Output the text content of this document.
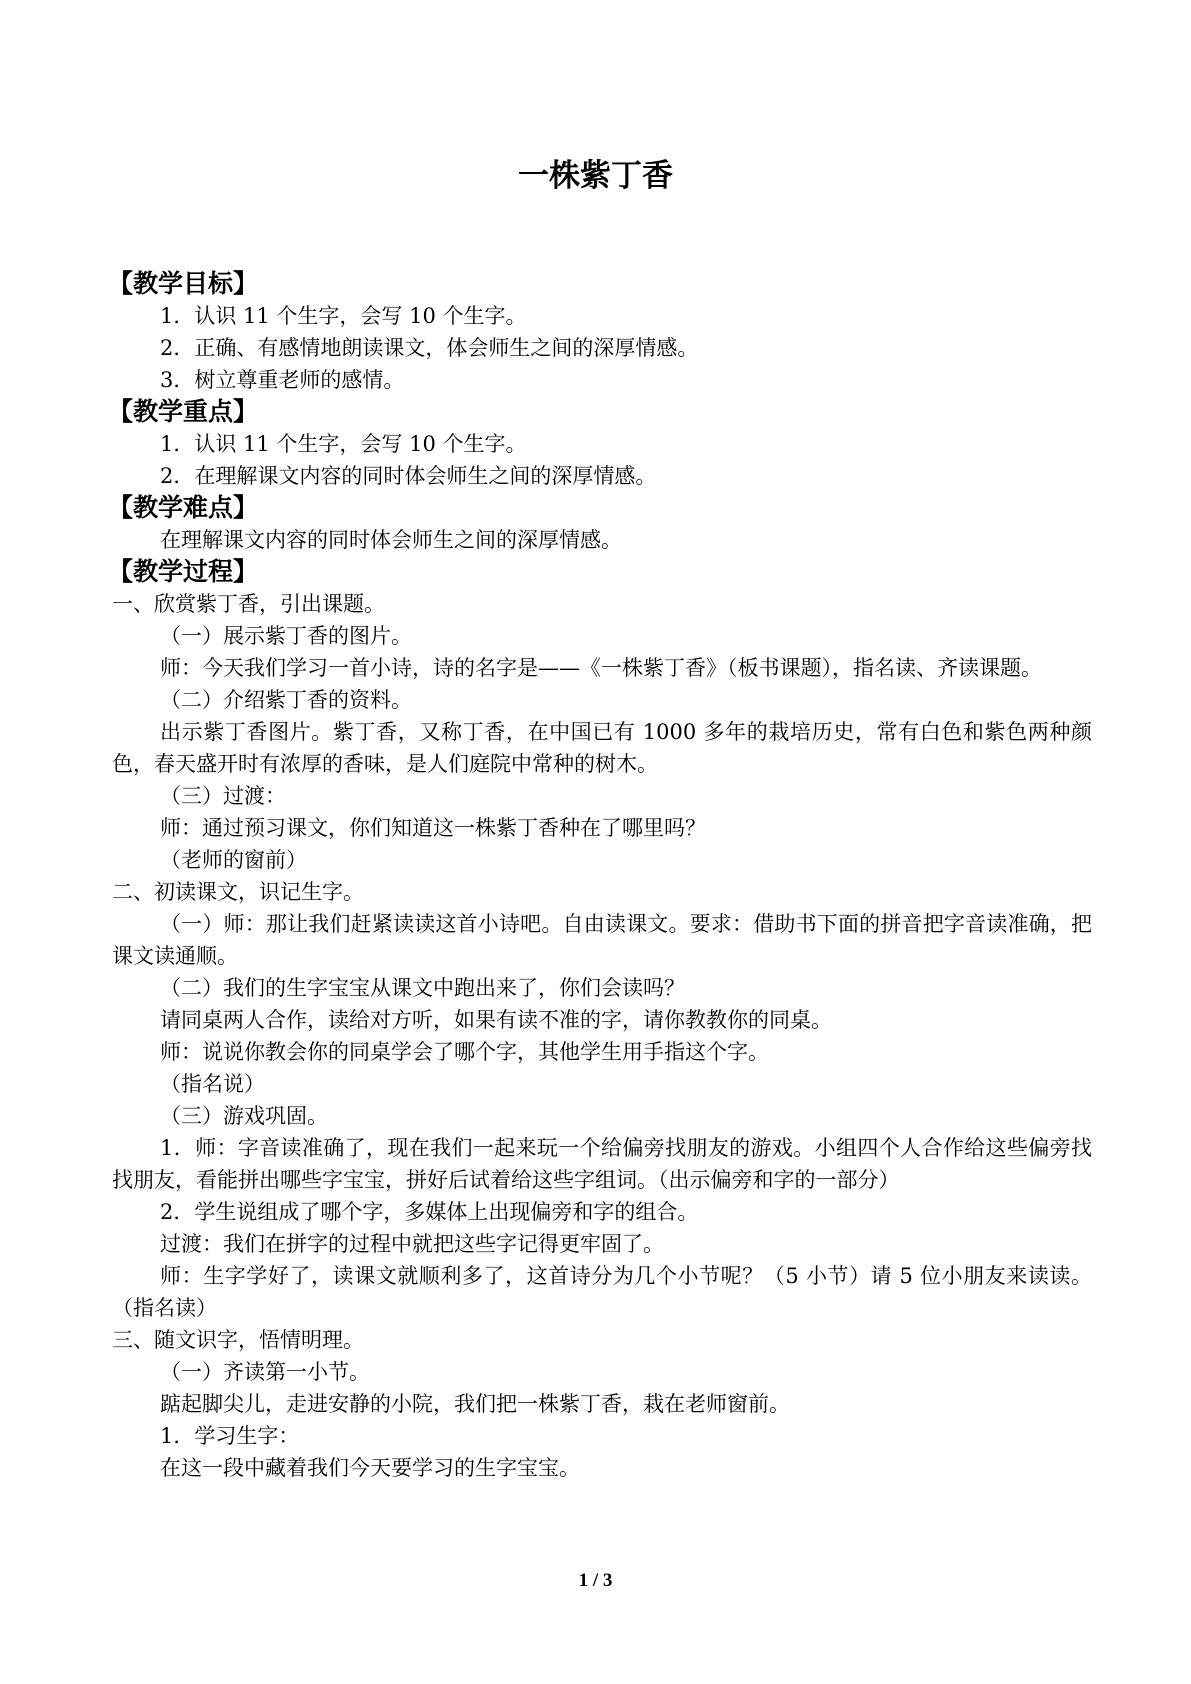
一株紫丁香
【教学目标】
1．认识 11 个生字，会写 10 个生字。
2．正确、有感情地朗读课文，体会师生之间的深厚情感。
3．树立尊重老师的感情。
【教学重点】
1．认识 11 个生字，会写 10 个生字。
2．在理解课文内容的同时体会师生之间的深厚情感。
【教学难点】
在理解课文内容的同时体会师生之间的深厚情感。
【教学过程】
一、欣赏紫丁香，引出课题。
（一）展示紫丁香的图片。
师：今天我们学习一首小诗，诗的名字是——《一株紫丁香》（板书课题），指名读、齐读课题。
（二）介绍紫丁香的资料。
出示紫丁香图片。紫丁香，又称丁香，在中国已有 1000 多年的栽培历史，常有白色和紫色两种颜色，春天盛开时有浓厚的香味，是人们庭院中常种的树木。
（三）过渡：
师：通过预习课文，你们知道这一株紫丁香种在了哪里吗？
（老师的窗前）
二、初读课文，识记生字。
（一）师：那让我们赶紧读读这首小诗吧。自由读课文。要求：借助书下面的拼音把字音读准确，把课文读通顺。
（二）我们的生字宝宝从课文中跑出来了，你们会读吗？
请同桌两人合作，读给对方听，如果有读不准的字，请你教教你的同桌。
师：说说你教会你的同桌学会了哪个字，其他学生用手指这个字。
（指名说）
（三）游戏巩固。
1．师：字音读准确了，现在我们一起来玩一个给偏旁找朋友的游戏。小组四个人合作给这些偏旁找找朋友，看能拼出哪些字宝宝，拼好后试着给这些字组词。（出示偏旁和字的一部分）
2．学生说组成了哪个字，多媒体上出现偏旁和字的组合。
过渡：我们在拼字的过程中就把这些字记得更牢固了。
师：生字学好了，读课文就顺利多了，这首诗分为几个小节呢？（5 小节）请 5 位小朋友来读读。（指名读）
三、随文识字，悟情明理。
（一）齐读第一小节。
踮起脚尖儿，走进安静的小院，我们把一株紫丁香，栽在老师窗前。
1．学习生字：
在这一段中藏着我们今天要学习的生字宝宝。
1 / 3
